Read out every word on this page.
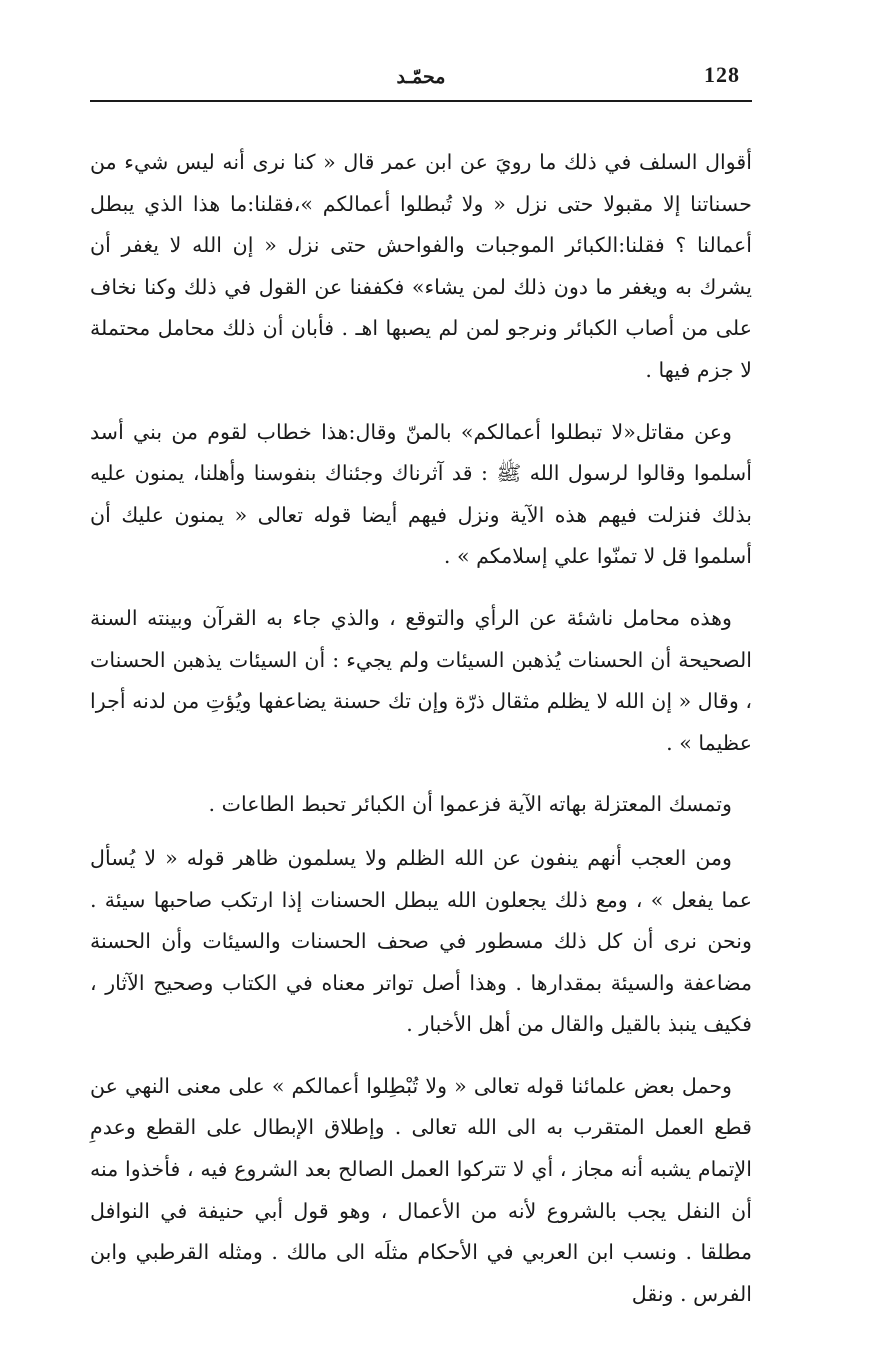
محمّـد	128

أقوال السلف في ذلك ما رويَ عن ابن عمر قال « كنا نرى أنه ليس شيء من حسناتنا إلا مقبولا حتى نزل « ولا تُبطلوا أعمالكم »،فقلنا:ما هذا الذي يبطل أعمالنا ؟ فقلنا:الكبائر الموجبات والفواحش حتى نزل « إن الله لا يغفر أن يشرك به ويغفر ما دون ذلك لمن يشاء» فكففنا عن القول في ذلك وكنا نخاف على من أصاب الكبائر ونرجو لمن لم يصبها اهـ . فأبان أن ذلك محامل محتملة لا جزم فيها .

وعن مقاتل«لا تبطلوا أعمالكم» بالمنّ وقال:هذا خطاب لقوم من بني أسد أسلموا وقالوا لرسول الله ﷺ : قد آثرناك وجئناك بنفوسنا وأهلنا، يمنون عليه بذلك فنزلت فيهم هذه الآية ونزل فيهم أيضا قوله تعالى « يمنون عليك أن أسلموا قل لا تمنّوا علي إسلامكم » .

وهذه محامل ناشئة عن الرأي والتوقع ، والذي جاء به القرآن وبينته السنة الصحيحة أن الحسنات يُذهبن السيئات ولم يجيء : أن السيئات يذهبن الحسنات ، وقال « إن الله لا يظلم مثقال ذرّة وإن تك حسنة يضاعفها ويُؤتِ من لدنه أجرا عظيما » .

وتمسك المعتزلة بهاته الآية فزعموا أن الكبائر تحبط الطاعات .

ومن العجب أنهم ينفون عن الله الظلم ولا يسلمون ظاهر قوله « لا يُسأل عما يفعل » ، ومع ذلك يجعلون الله يبطل الحسنات إذا ارتكب صاحبها سيئة . ونحن نرى أن كل ذلك مسطور في صحف الحسنات والسيئات وأن الحسنة مضاعفة والسيئة بمقدارها . وهذا أصل تواتر معناه في الكتاب وصحيح الآثار ، فكيف ينبذ بالقيل والقال من أهل الأخبار .

وحمل بعض علمائنا قوله تعالى « ولا تُبْطِلوا أعمالكم » على معنى النهي عن قطع العمل المتقرب به الى الله تعالى . وإطلاق الإبطال على القطع وعدمِ الإتمام يشبه أنه مجاز ، أي لا تتركوا العمل الصالح بعد الشروع فيه ، فأخذوا منه أن النفل يجب بالشروع لأنه من الأعمال ، وهو قول أبي حنيفة في النوافل مطلقا . ونسب ابن العربي في الأحكام مثلَه الى مالك . ومثله القرطبي وابن الفرس . ونقل
